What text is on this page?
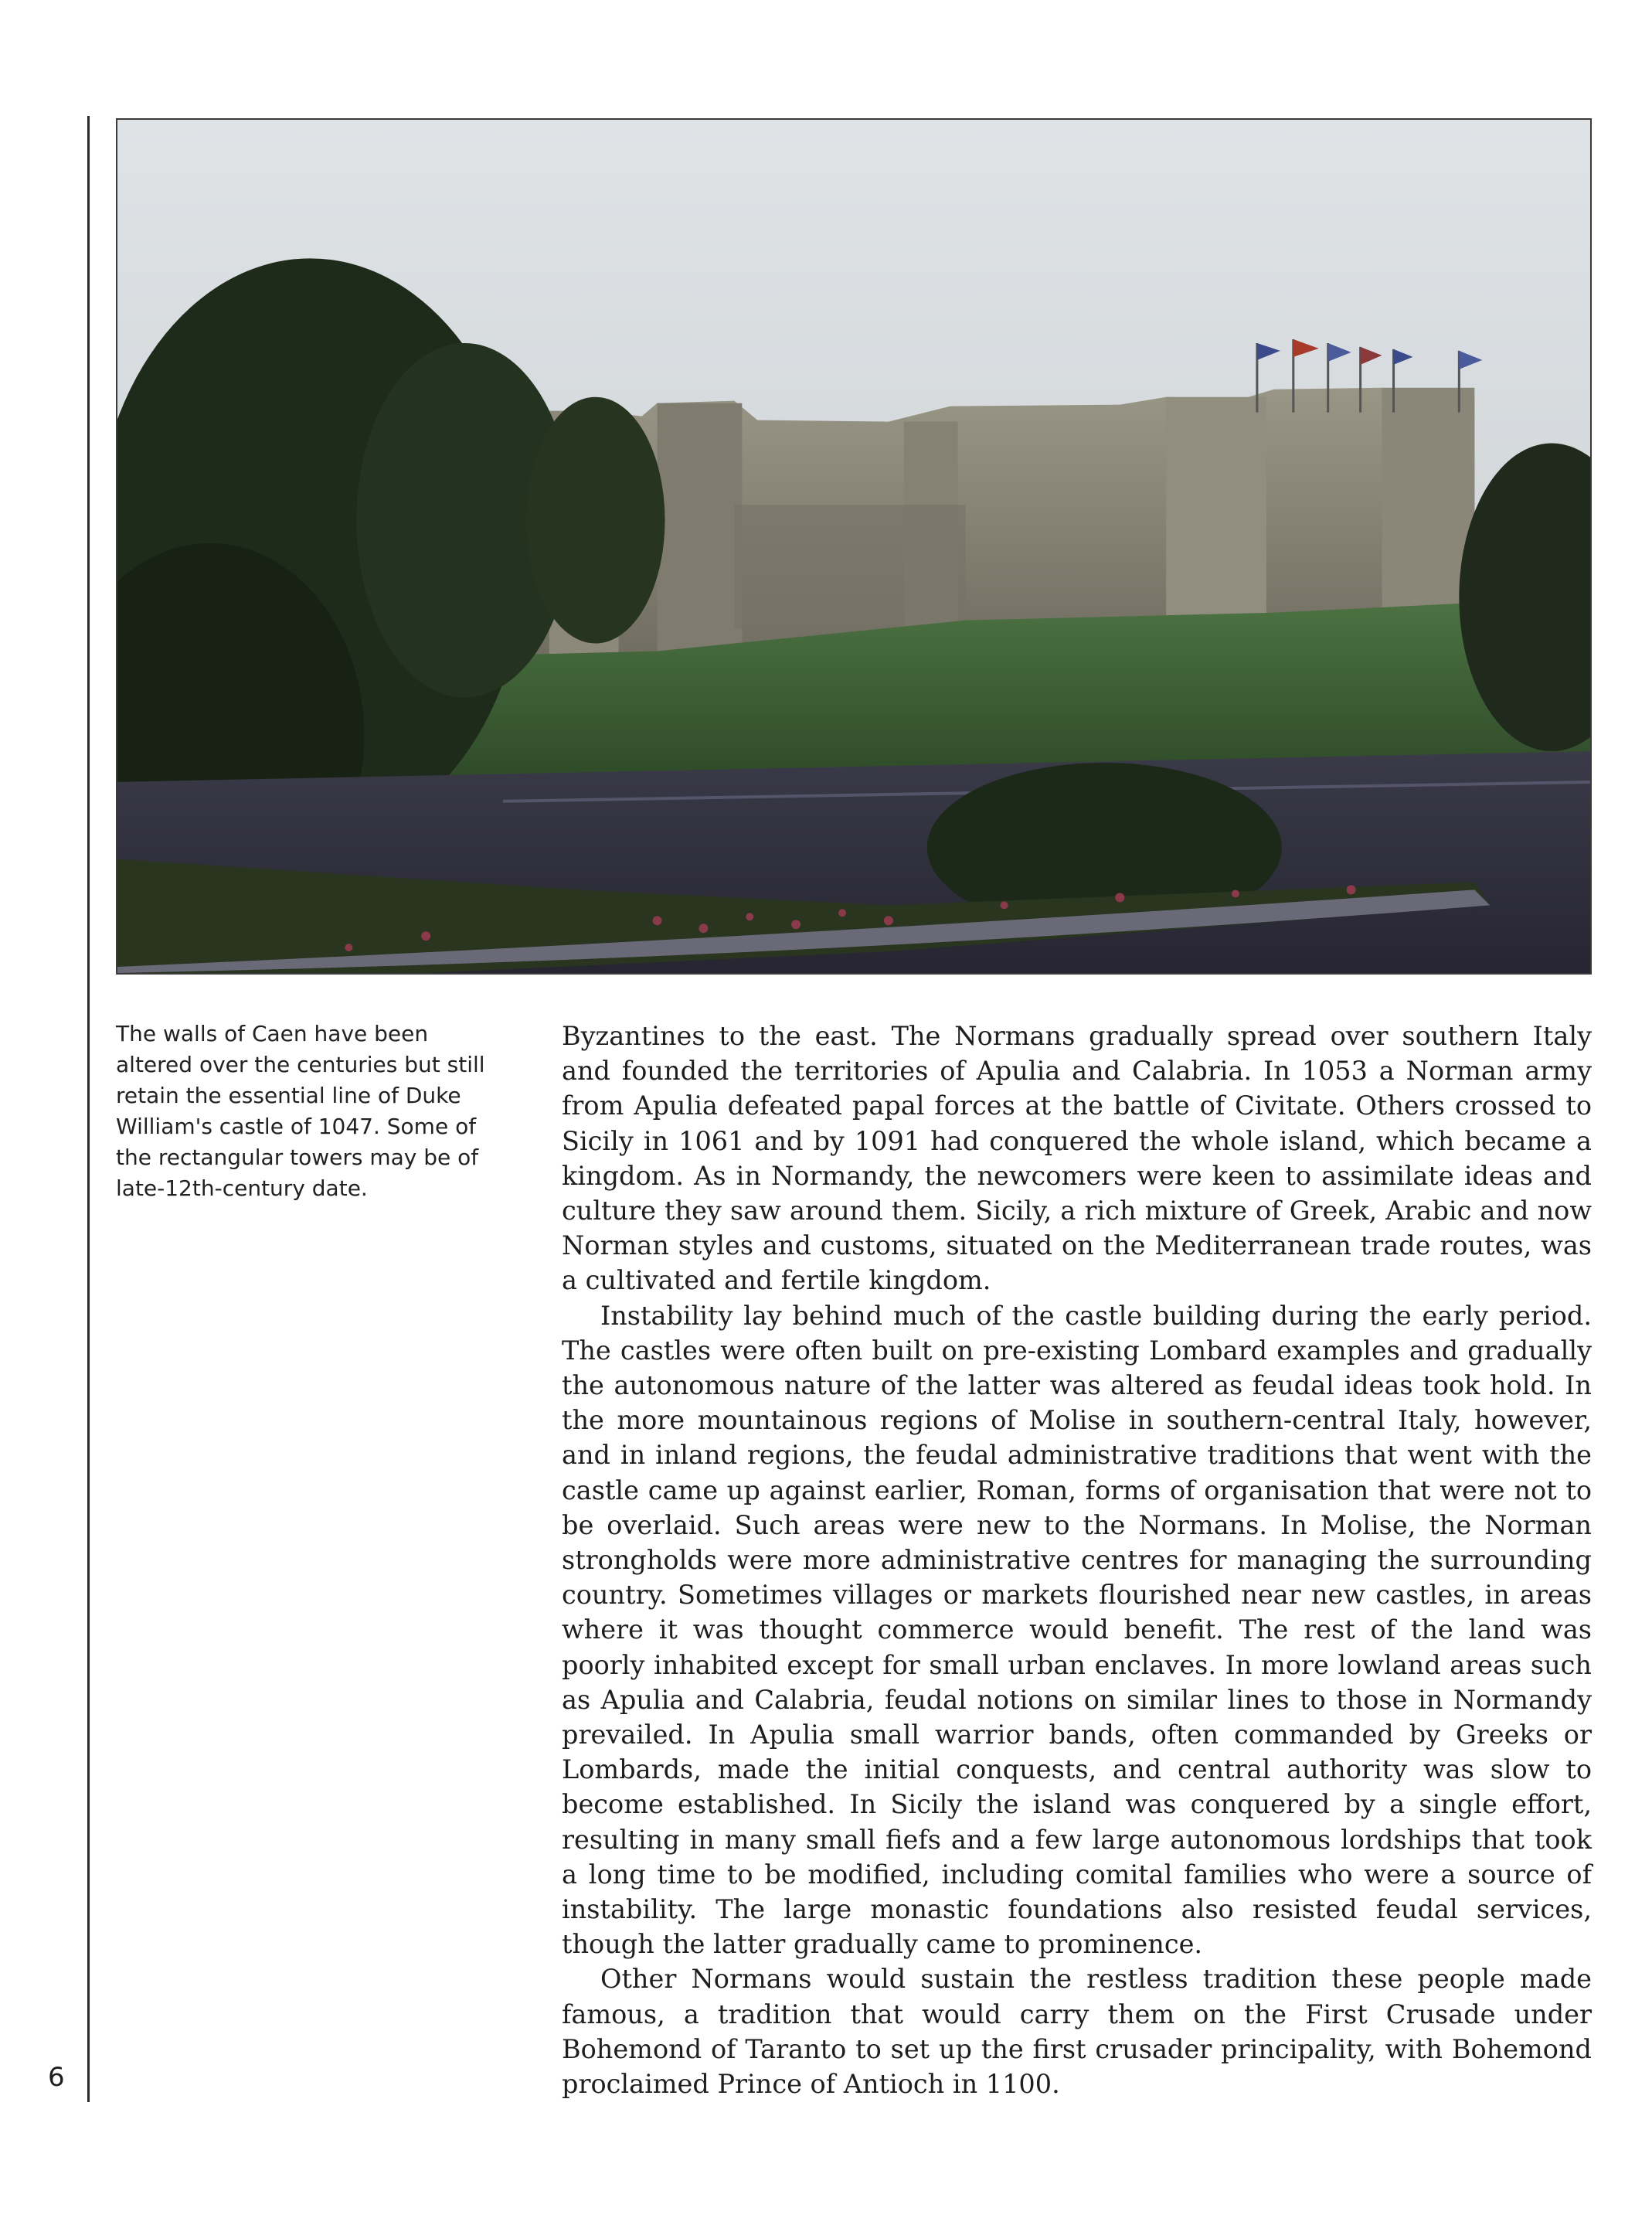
The walls of Caen have been altered over the centuries but still retain the essential line of Duke William's castle of 1047. Some of the rectangular towers may be of late-12th-century date.

Byzantines to the east. The Normans gradually spread over southern Italy and founded the territories of Apulia and Calabria. In 1053 a Norman army from Apulia defeated papal forces at the battle of Civitate. Others crossed to Sicily in 1061 and by 1091 had conquered the whole island, which became a kingdom. As in Normandy, the newcomers were keen to assimilate ideas and culture they saw around them. Sicily, a rich mixture of Greek, Arabic and now Norman styles and customs, situated on the Mediterranean trade routes, was a cultivated and fertile kingdom.

Instability lay behind much of the castle building during the early period. The castles were often built on pre-existing Lombard examples and gradually the autonomous nature of the latter was altered as feudal ideas took hold. In the more mountainous regions of Molise in southern-central Italy, however, and in inland regions, the feudal administrative traditions that went with the castle came up against earlier, Roman, forms of organisation that were not to be overlaid. Such areas were new to the Normans. In Molise, the Norman strongholds were more administrative centres for managing the surrounding country. Sometimes villages or markets flourished near new castles, in areas where it was thought commerce would benefit. The rest of the land was poorly inhabited except for small urban enclaves. In more lowland areas such as Apulia and Calabria, feudal notions on similar lines to those in Normandy prevailed. In Apulia small warrior bands, often commanded by Greeks or Lombards, made the initial conquests, and central authority was slow to become established. In Sicily the island was conquered by a single effort, resulting in many small fiefs and a few large autonomous lordships that took a long time to be modified, including comital families who were a source of instability. The large monastic foundations also resisted feudal services, though the latter gradually came to prominence.

Other Normans would sustain the restless tradition these people made famous, a tradition that would carry them on the First Crusade under Bohemond of Taranto to set up the first crusader principality, with Bohemond proclaimed Prince of Antioch in 1100.

6
